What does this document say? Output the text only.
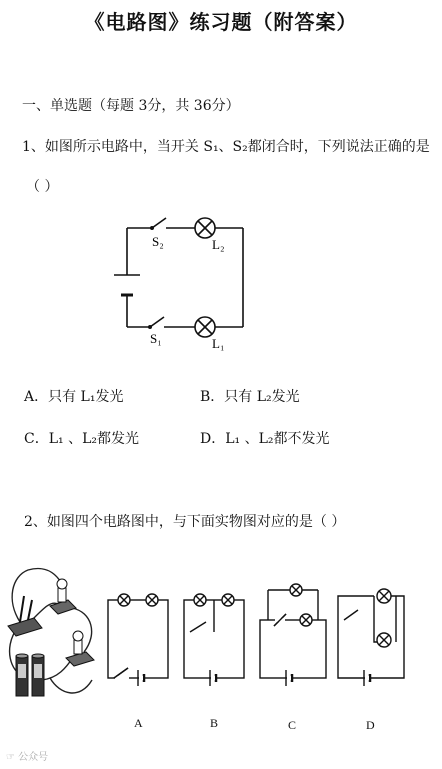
《电路图》练习题（附答案）
一、单选题（每题 3分，共 36分）
1、如图所示电路中，当开关 S₁、S₂都闭合时，下列说法正确的是
（ ）
S₂	L₂
S₁	L₁
A．只有 L₁发光	B．只有 L₂发光
C．L₁ 、L₂都发光	D．L₁ 、L₂都不发光
2、如图四个电路图中，与下面实物图对应的是（ ）
A	B	C	D
☞ 公众号
